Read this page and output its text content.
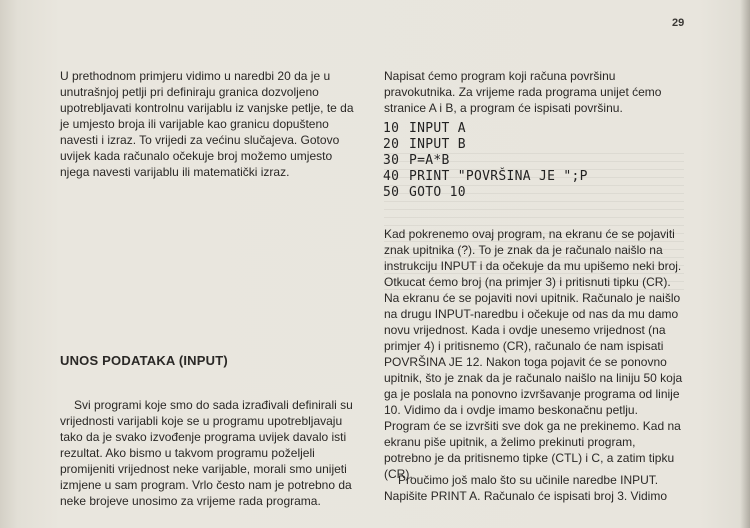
29

U prethodnom primjeru vidimo u naredbi 20 da je u unutrašnjoj petlji pri definiraju granica dozvoljeno upotrebljavati kontrolnu varijablu iz vanjske petlje, te da je umjesto broja ili varijable kao granicu dopušteno navesti i izraz. To vrijedi za većinu slučajeva. Gotovo uvijek kada računalo očekuje broj možemo umjesto njega navesti varijablu ili matematički izraz.

UNOS PODATAKA (INPUT)

Svi programi koje smo do sada izrađivali definirali su vrijednosti varijabli koje se u programu upotrebljavaju tako da je svako izvođenje programa uvijek davalo isti rezultat. Ako bismo u takvom programu poželjeli promijeniti vrijednost neke varijable, morali smo unijeti izmjene u sam program. Vrlo često nam je potrebno da neke brojeve unosimo za vrijeme rada programa.

Napisat ćemo program koji računa površinu pravokutnika. Za vrijeme rada programa unijet ćemo stranice A i B, a program će ispisati površinu.

10 INPUT A
20 INPUT B
30 P=A*B
40 PRINT "POVRŠINA JE ";P
50 GOTO 10

Kad pokrenemo ovaj program, na ekranu će se pojaviti znak upitnika (?). To je znak da je računalo naišlo na instrukciju INPUT i da očekuje da mu upišemo neki broj. Otkucat ćemo broj (na primjer 3) i pritisnuti tipku (CR). Na ekranu će se pojaviti novi upitnik. Računalo je naišlo na drugu INPUT-naredbu i očekuje od nas da mu damo novu vrijednost. Kada i ovdje unesemo vrijednost (na primjer 4) i pritisnemo (CR), računalo će nam ispisati POVRŠINA JE 12. Nakon toga pojavit će se ponovno upitnik, što je znak da je računalo naišlo na liniju 50 koja ga je poslala na ponovno izvršavanje programa od linije 10. Vidimo da i ovdje imamo beskonačnu petlju. Program će se izvršiti sve dok ga ne prekinemo. Kad na ekranu piše upitnik, a želimo prekinuti program, potrebno je da pritisnemo tipke (CTL) i C, a zatim tipku (CR).

Proučimo još malo što su učinile naredbe INPUT. Napišite PRINT A. Računalo će ispisati broj 3. Vidimo
